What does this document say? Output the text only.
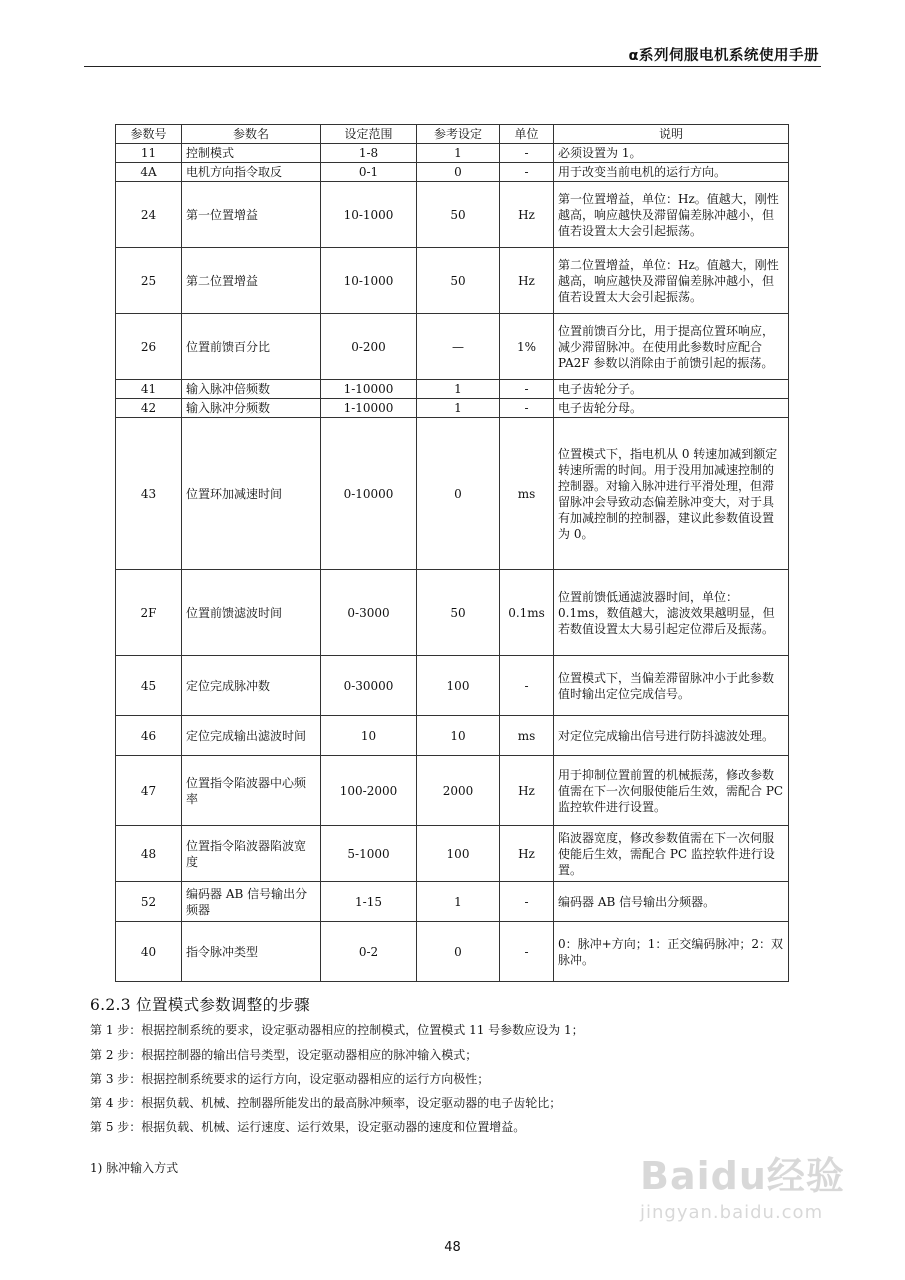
α系列伺服电机系统使用手册
参数号	参数名	设定范围	参考设定	单位	说明
11	控制模式	1-8	1	-	必须设置为 1。
4A	电机方向指令取反	0-1	0	-	用于改变当前电机的运行方向。
24	第一位置增益	10-1000	50	Hz	第一位置增益，单位：Hz。值越大，刚性越高，响应越快及滞留偏差脉冲越小，但值若设置太大会引起振荡。
25	第二位置增益	10-1000	50	Hz	第二位置增益，单位：Hz。值越大，刚性越高，响应越快及滞留偏差脉冲越小，但值若设置太大会引起振荡。
26	位置前馈百分比	0-200	—	1%	位置前馈百分比，用于提高位置环响应，减少滞留脉冲。在使用此参数时应配合 PA2F 参数以消除由于前馈引起的振荡。
41	输入脉冲倍频数	1-10000	1	-	电子齿轮分子。
42	输入脉冲分频数	1-10000	1	-	电子齿轮分母。
43	位置环加减速时间	0-10000	0	ms	位置模式下，指电机从 0 转速加减到额定转速所需的时间。用于没用加减速控制的控制器。对输入脉冲进行平滑处理，但滞留脉冲会导致动态偏差脉冲变大，对于具有加减控制的控制器，建议此参数值设置为 0。
2F	位置前馈滤波时间	0-3000	50	0.1ms	位置前馈低通滤波器时间，单位：0.1ms，数值越大，滤波效果越明显，但若数值设置太大易引起定位滞后及振荡。
45	定位完成脉冲数	0-30000	100	-	位置模式下，当偏差滞留脉冲小于此参数值时输出定位完成信号。
46	定位完成输出滤波时间	10	10	ms	对定位完成输出信号进行防抖滤波处理。
47	位置指令陷波器中心频率	100-2000	2000	Hz	用于抑制位置前置的机械振荡，修改参数值需在下一次伺服使能后生效，需配合 PC 监控软件进行设置。
48	位置指令陷波器陷波宽度	5-1000	100	Hz	陷波器宽度，修改参数值需在下一次伺服使能后生效，需配合 PC 监控软件进行设置。
52	编码器 AB 信号输出分频器	1-15	1	-	编码器 AB 信号输出分频器。
40	指令脉冲类型	0-2	0	-	0：脉冲+方向；1：正交编码脉冲；2：双脉冲。
6.2.3 位置模式参数调整的步骤
第 1 步：根据控制系统的要求，设定驱动器相应的控制模式，位置模式 11 号参数应设为 1；
第 2 步：根据控制器的输出信号类型，设定驱动器相应的脉冲输入模式；
第 3 步：根据控制系统要求的运行方向，设定驱动器相应的运行方向极性；
第 4 步：根据负载、机械、控制器所能发出的最高脉冲频率，设定驱动器的电子齿轮比；
第 5 步：根据负载、机械、运行速度、运行效果，设定驱动器的速度和位置增益。
1) 脉冲输入方式
48
Baidu经验
jingyan.baidu.com
